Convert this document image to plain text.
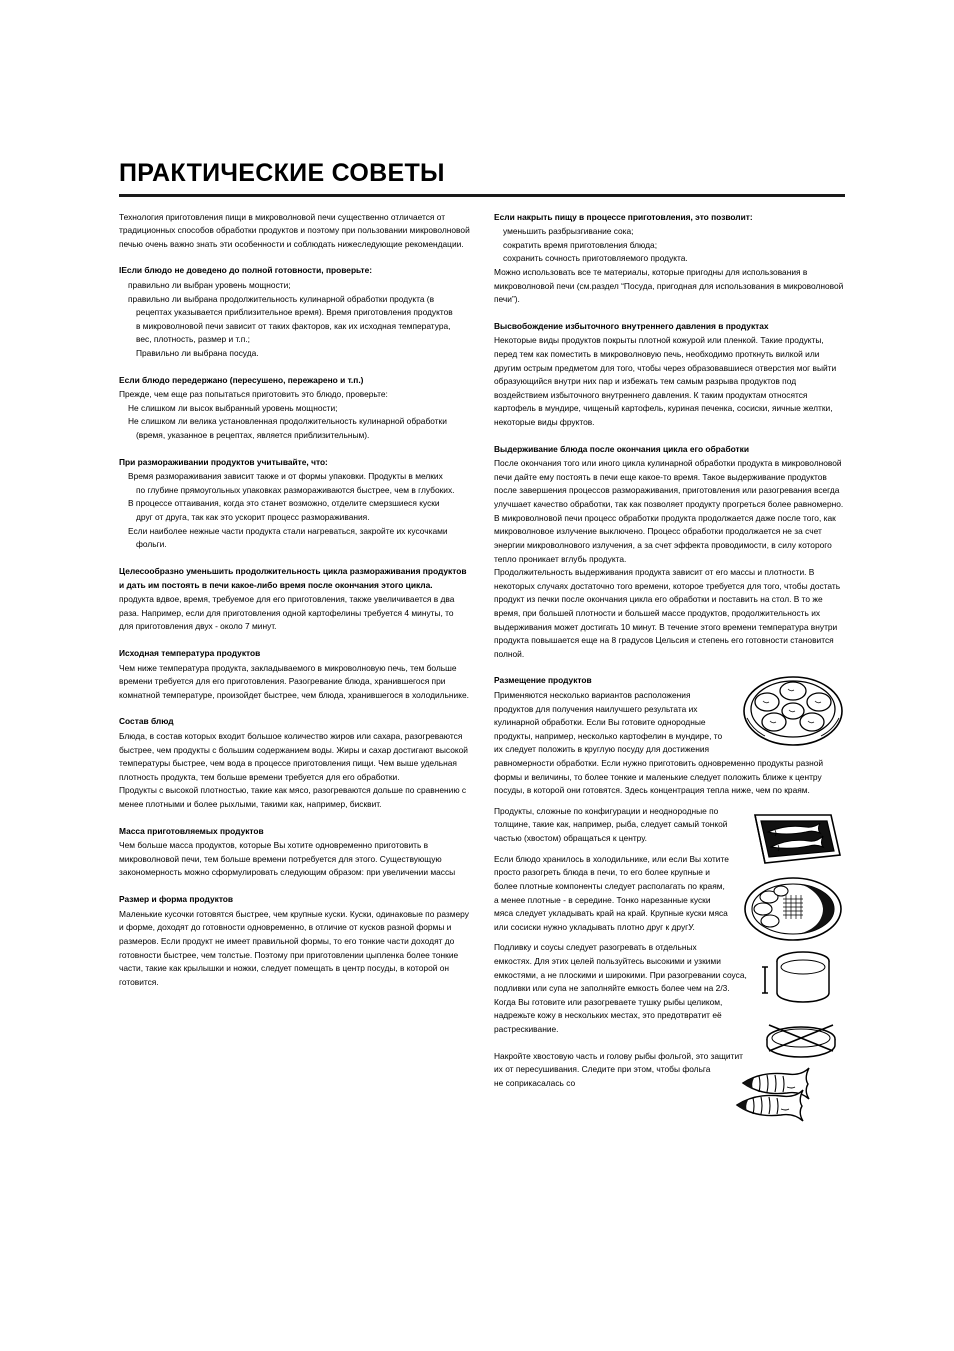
ПРАКТИЧЕСКИЕ СОВЕТЫ

Технология приготовления пищи в микроволновой печи существенно отличается от традиционных способов обработки продуктов и поэтому при пользовании микроволновой печью очень важно знать эти особенности и соблюдать нижеследующие рекомендации.

IЕсли блюдо не доведено до полной готовности, проверьте:

правильно ли выбран уровень мощности;

правильно ли выбрана продолжительность кулинарной обработки продукта (в

рецептах указывается приблизительное время). Время приготовления продуктов

в микроволновой печи зависит от таких факторов, как их исходная температура,

вес, плотность, размер и т.п.;

Правильно ли выбрана посуда.

Если блюдо передержано (пересушено, пережарено и т.п.)

Прежде, чем еще раз попытаться приготовить это блюдо, проверьте:

Не слишком ли высок выбранный уровень мощности;

Не слишком ли велика установленная продолжительность кулинарной обработки

(время, указанное в рецептах, является приблизительным).

При размораживании продуктов учитывайте, что:

Время размораживания зависит также и от формы упаковки. Продукты в мелких

по глубине прямоугольных упаковках размораживаются быстрее, чем в глубоких.

В процессе оттаивания, когда это станет возможно, отделите смерзшиеся куски

друг от друга, так как это ускорит процесс размораживания.

Если наиболее нежные части продукта стали нагреваться, закройте их кусочками

фольги.

Целесообразно уменьшить продолжительность цикла размораживания продуктов и дать им постоять в печи какое-либо время после окончания этого цикла.

продукта вдвое, время, требуемое для его приготовления, также увеличивается в два раза. Например, если для приготовления одной картофелины требуется 4 минуты, то для приготовления двух - около 7 минут.

Исходная температура продуктов

Чем ниже температура продукта, закладываемого в микроволновую печь, тем больше времени требуется для его приготовления. Разогревание блюда, хранившегося при комнатной температуре, произойдет быстрее, чем блюда, хранившегося в холодильнике.

Состав блюд

Блюда, в состав которых входит большое количество жиров или сахара, разогреваются быстрее, чем продукты с большим содержанием воды. Жиры и сахар достигают высокой температуры быстрее, чем вода в процессе приготовления пищи. Чем выше удельная плотность продукта, тем больше времени требуется для его обработки.

Продукты с высокой плотностью, такие как мясо, разогреваются дольше по сравнению с менее плотными и более рыхлыми, такими как, например, бисквит.

Масса приготовляемых продуктов

Чем больше масса продуктов, которые Вы хотите одновременно приготовить в микроволновой печи, тем больше времени потребуется для этого. Существующую закономерность можно сформулировать следующим образом: при увеличении массы

Размер и форма продуктов

Маленькие кусочки готовятся быстрее, чем крупные куски. Куски, одинаковые по размеру и форме, доходят до готовности одновременно, в отличие от кусков разной формы и размеров. Если продукт не имеет правильной формы, то его тонкие части доходят до готовности быстрее, чем толстые. Поэтому при приготовлении цыпленка более тонкие части, такие как крылышки и ножки, следует помещать в центр посуды, в которой он готовится.

Если накрыть пищу в процессе приготовления, это позволит:

уменьшить разбрызгивание сока;

сократить время приготовления блюда;

сохранить сочность приготовляемого продукта.

Можно использовать все те материалы, которые пригодны для использования в микроволновой печи (см.раздел “Посуда, пригодная для использования в микроволновой печи”).

Высвобождение избыточного внутреннего давления в продуктах

Некоторые виды продуктов покрыты плотной кожурой или пленкой. Такие продукты, перед тем как поместить в микроволновую печь, необходимо проткнуть вилкой или другим острым предметом для того, чтобы через образовавшиеся отверстия мог выйти образующийся внутри них пар и избежать тем самым разрыва продуктов под воздействием избыточного внутреннего давления. К таким продуктам относятся картофель в мундире, чищеный картофель, куриная печенка, сосиски, яичные желтки, некоторые виды фруктов.

Выдерживание блюда после окончания цикла его обработки

После окончания того или иного цикла кулинарной обработки продукта в микроволновой печи дайте ему постоять в печи еще какое-то время. Такое выдерживание продуктов после завершения процессов размораживания, приготовления или разогревания всегда улучшает качество обработки, так как позволяет продукту прогреться более равномерно.

В микроволновой печи процесс обработки продукта продолжается даже после того, как микроволновое излучение выключено. Процесс обработки продолжается не за счет энергии микроволнового излучения, а за счет эффекта проводимости, в силу которого тепло проникает вглубь продукта.

Продолжительность выдерживания продукта зависит от его массы и плотности. В некоторых случаях достаточно того времени, которое требуется для того, чтобы достать продукт из печки после окончания цикла его обработки и поставить на стол. В то же время, при большей плотности и большей массе продуктов, продолжительность их выдерживания может достигать 10 минут. В течение этого времени температура внутри продукта повышается еще на 8 градусов Цельсия и степень его готовности становится полной.

Размещение продуктов

Применяются несколько вариантов расположения продуктов для получения наилучшего результата их кулинарной обработки. Если Вы готовите однородные продукты, например, несколько картофелин в мундире, то их следует положить в круглую посуду для достижения равномерности обработки. Если нужно приготовить одновременно продукты разной формы и величины, то более тонкие и маленькие следует положить ближе к центру посуды, в которой они готовятся. Здесь концентрация тепла ниже, чем по краям.

Продукты, сложные по конфигурации и неоднородные по толщине, такие как, например, рыба, следует самый тонкой частью (хвостом) обращаться к центру.

Если блюдо хранилось в холодильнике, или если Вы хотите просто разогреть блюда в печи, то его более крупные и более плотные компоненты следует располагать по краям, а менее плотные - в середине. Тонко нарезанные куски мяса следует укладывать край на край. Крупные куски мяса или сосиски нужно укладывать плотно друг к другУ.

Подливку и соусы следует разогревать в отдельных емкостях. Для этих целей пользуйтесь высокими и узкими емкостями, а не плоскими и широкими. При разогревании соуса, подливки или супа не заполняйте емкость более чем на 2/3.

Когда Вы готовите или разогреваете тушку рыбы целиком, надрежьте кожу в нескольких местах, это предотвратит её растрескивание.

Накройте хвостовую часть и голову рыбы фольгой, это защитит их от пересушивания. Следите при этом, чтобы фольга не соприкасалась со
